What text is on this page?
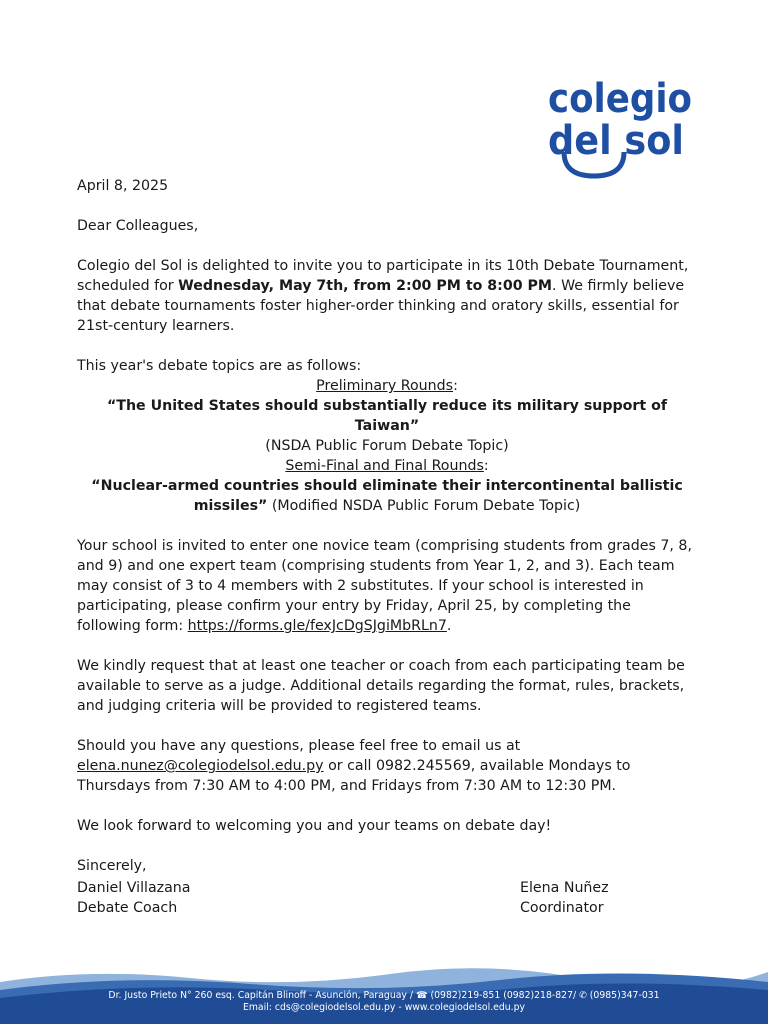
colegio
del sol

April 8, 2025

Dear Colleagues,

Colegio del Sol is delighted to invite you to participate in its 10th Debate Tournament, scheduled for Wednesday, May 7th, from 2:00 PM to 8:00 PM. We firmly believe that debate tournaments foster higher-order thinking and oratory skills, essential for 21st-century learners.

This year's debate topics are as follows:
Preliminary Rounds:
“The United States should substantially reduce its military support of Taiwan”
(NSDA Public Forum Debate Topic)
Semi-Final and Final Rounds:
“Nuclear-armed countries should eliminate their intercontinental ballistic missiles” (Modified NSDA Public Forum Debate Topic)

Your school is invited to enter one novice team (comprising students from grades 7, 8, and 9) and one expert team (comprising students from Year 1, 2, and 3). Each team may consist of 3 to 4 members with 2 substitutes. If your school is interested in participating, please confirm your entry by Friday, April 25, by completing the following form: https://forms.gle/fexJcDgSJgiMbRLn7.

We kindly request that at least one teacher or coach from each participating team be available to serve as a judge. Additional details regarding the format, rules, brackets, and judging criteria will be provided to registered teams.

Should you have any questions, please feel free to email us at elena.nunez@colegiodelsol.edu.py or call 0982.245569, available Mondays to Thursdays from 7:30 AM to 4:00 PM, and Fridays from 7:30 AM to 12:30 PM.

We look forward to welcoming you and your teams on debate day!

Sincerely,

Daniel Villazana
Debate Coach
Elena Nuñez
Coordinator
Dr. Justo Prieto N° 260 esq. Capitán Blinoff - Asunción, Paraguay / ☎ (0982)219-851 (0982)218-827/ ✆ (0985)347-031
Email: cds@colegiodelsol.edu.py - www.colegiodelsol.edu.py
